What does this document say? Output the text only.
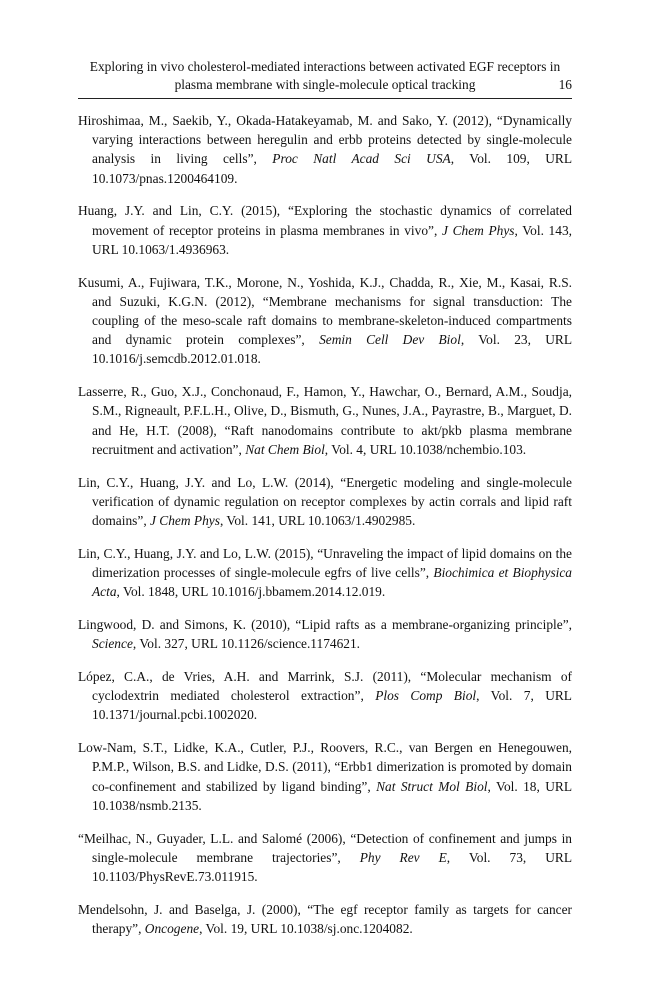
Exploring in vivo cholesterol-mediated interactions between activated EGF receptors in
plasma membrane with single-molecule optical tracking	16

Hiroshimaa, M., Saekib, Y., Okada-Hatakeyamab, M. and Sako, Y. (2012), “Dynamically varying interactions between heregulin and erbb proteins detected by single-molecule analysis in living cells”, Proc Natl Acad Sci USA, Vol. 109, URL 10.1073/pnas.1200464109.

Huang, J.Y. and Lin, C.Y. (2015), “Exploring the stochastic dynamics of correlated movement of receptor proteins in plasma membranes in vivo”, J Chem Phys, Vol. 143, URL 10.1063/1.4936963.

Kusumi, A., Fujiwara, T.K., Morone, N., Yoshida, K.J., Chadda, R., Xie, M., Kasai, R.S. and Suzuki, K.G.N. (2012), “Membrane mechanisms for signal transduction: The coupling of the meso-scale raft domains to membrane-skeleton-induced compartments and dynamic protein complexes”, Semin Cell Dev Biol, Vol. 23, URL 10.1016/j.semcdb.2012.01.018.

Lasserre, R., Guo, X.J., Conchonaud, F., Hamon, Y., Hawchar, O., Bernard, A.M., Soudja, S.M., Rigneault, P.F.L.H., Olive, D., Bismuth, G., Nunes, J.A., Payrastre, B., Marguet, D. and He, H.T. (2008), “Raft nanodomains contribute to akt/pkb plasma membrane recruitment and activation”, Nat Chem Biol, Vol. 4, URL 10.1038/nchembio.103.

Lin, C.Y., Huang, J.Y. and Lo, L.W. (2014), “Energetic modeling and single-molecule verification of dynamic regulation on receptor complexes by actin corrals and lipid raft domains”, J Chem Phys, Vol. 141, URL 10.1063/1.4902985.

Lin, C.Y., Huang, J.Y. and Lo, L.W. (2015), “Unraveling the impact of lipid domains on the dimerization processes of single-molecule egfrs of live cells”, Biochimica et Biophysica Acta, Vol. 1848, URL 10.1016/j.bbamem.2014.12.019.

Lingwood, D. and Simons, K. (2010), “Lipid rafts as a membrane-organizing principle”, Science, Vol. 327, URL 10.1126/science.1174621.

López, C.A., de Vries, A.H. and Marrink, S.J. (2011), “Molecular mechanism of cyclodextrin mediated cholesterol extraction”, Plos Comp Biol, Vol. 7, URL 10.1371/journal.pcbi.1002020.

Low-Nam, S.T., Lidke, K.A., Cutler, P.J., Roovers, R.C., van Bergen en Henegouwen, P.M.P., Wilson, B.S. and Lidke, D.S. (2011), “Erbb1 dimerization is promoted by domain co-confinement and stabilized by ligand binding”, Nat Struct Mol Biol, Vol. 18, URL 10.1038/nsmb.2135.

“Meilhac, N., Guyader, L.L. and Salomé (2006), “Detection of confinement and jumps in single-molecule membrane trajectories”, Phy Rev E, Vol. 73, URL 10.1103/PhysRevE.73.011915.

Mendelsohn, J. and Baselga, J. (2000), “The egf receptor family as targets for cancer therapy”, Oncogene, Vol. 19, URL 10.1038/sj.onc.1204082.
